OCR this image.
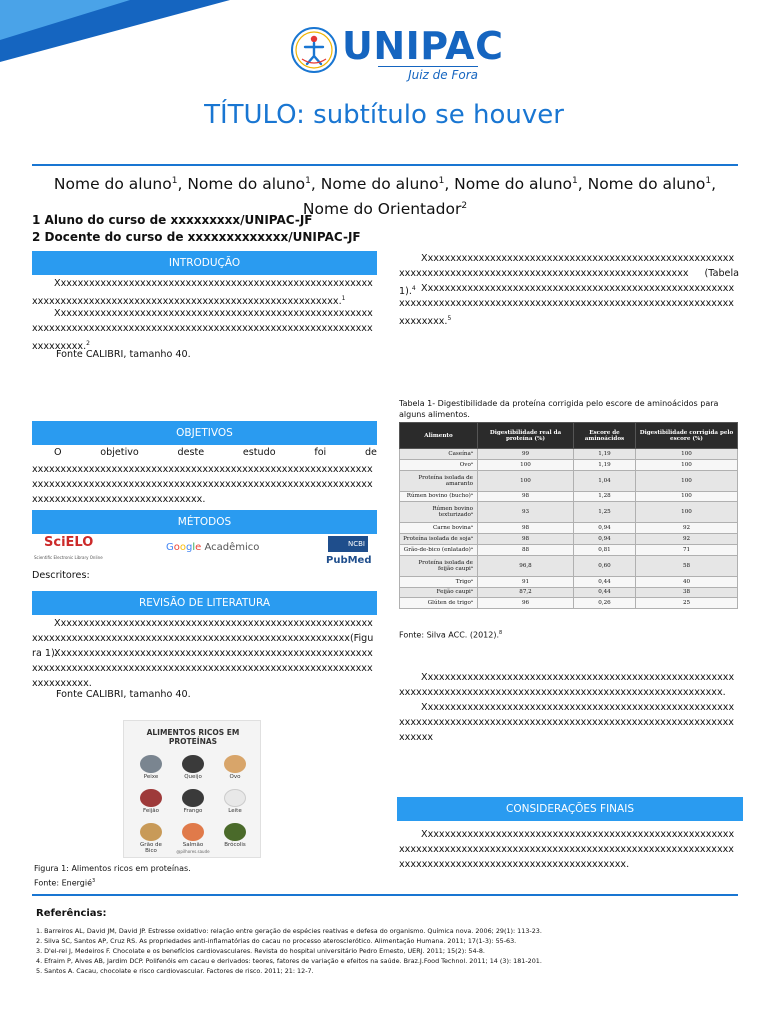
UNIPAC
Juiz de Fora
TÍTULO: subtítulo se houver
Nome do aluno$^1$, Nome do aluno$^1$, Nome do aluno$^1$, Nome do aluno$^1$, Nome do aluno$^1$, Nome do Orientador$^2$
1 Aluno do curso de xxxxxxxxx/UNIPAC-JF
2 Docente do curso de xxxxxxxxxxxxx/UNIPAC-JF
INTRODUÇÃO
Xxxxxxxxxxxxxxxxxxxxxxxxxxxxxxxxxxxxxxxxxxxxxxxxxxxxxxxxxxxxxxxxxxxxxxxxxxxxxxxxxxxxxxxxxxxxxxxxxxxxxxxxxxxxxx.$^1$
Xxxxxxxxxxxxxxxxxxxxxxxxxxxxxxxxxxxxxxxxxxxxxxxxxxxxxxxxxxxxxxxxxxxxxxxxxxxxxxxxxxxxxxxxxxxxxxxxxxxxxxxxxxxxxxxxxxxxxxxxxxxxx.$^2$
Fonte CALIBRI, tamanho 40.
OBJETIVOS
O	objetivo	deste	estudo	foi	de
xxxxxxxxxxxxxxxxxxxxxxxxxxxxxxxxxxxxxxxxxxxxxxxxxxxxxxxxxxxxxxxxxxxxxxxxxxxxxxxxxxxxxxxxxxxxxxxxxxxxxxxxxxxxxxxxxxxxxxxxxxxxxxxxxxxxxxxxxxxxxxxxxxxxxx.
MÉTODOS
SciELO
Scientific Electronic Library Online
Google Acadêmico	NCBI
PubMed
Descritores:
REVISÃO DE LITERATURA
Xxxxxxxxxxxxxxxxxxxxxxxxxxxxxxxxxxxxxxxxxxxxxxxxxxxxxxxxxxxxxxxxxxxxxxxxxxxxxxxxxxxxxxxxxxxxxxxxxxxxxxxxxxxxxxxx(Figura 1).
Xxxxxxxxxxxxxxxxxxxxxxxxxxxxxxxxxxxxxxxxxxxxxxxxxxxxxxxxxxxxxxxxxxxxxxxxxxxxxxxxxxxxxxxxxxxxxxxxxxxxxxxxxxxxxxxxxxxxxxxxxxxxxx.
Fonte CALIBRI, tamanho 40.
ALIMENTOS RICOS EM
PROTEÍNAS
Peixe	Queijo	Ovo
Feijão	Frango	Leite
Grão de Bico
Salmão	Brócolis
@pilhores.saude
Figura 1: Alimentos ricos em proteínas.
Fonte: Energié$^3$
Xxxxxxxxxxxxxxxxxxxxxxxxxxxxxxxxxxxxxxxxxxxxxxxxxxxxxxxxxxxxxxxxxxxxxxxxxxxxxxxxxxxxxxxxxxxxxxxxxxxxxxxxxx (Tabela 1).$^4$ Xxxxxxxxxxxxxxxxxxxxxxxxxxxxxxxxxxxxxxxxxxxxxxxxxxxxxxxxxxxxxxxxxxxxxxxxxxxxxxxxxxxxxxxxxxxxxxxxxxxxxxxxxxxxxxxxxxxxxxxxxx.$^5$
Tabela 1- Digestibilidade da proteína corrigida pelo escore de aminoácidos para alguns alimentos.
Alimento	Digestibilidade real da proteína (%)	Escore de aminoácidos	Digestibilidade corrigida pelo escore (%)
Caseínaᵃ	99	1,19	100
Ovoᵃ	100	1,19	100
Proteína isolada de amaranto	100	1,04	100
Rúmen bovino (bucho)ᵃ	98	1,28	100
Rúmen bovino texturizadoᵃ	93	1,25	100
Carne bovinaᵃ	98	0,94	92
Proteína isolada de sojaᵃ	98	0,94	92
Grão-de-bico (enlatado)ᵃ	88	0,81	71
Proteína isolada de feijão caupiᵃ	96,8	0,60	58
Trigoᵃ	91	0,44	40
Feijão caupiᵃ	87,2	0,44	38
Glúten de trigoᵃ	96	0,26	25
Fonte: Silva ACC. (2012).$^8$
Xxxxxxxxxxxxxxxxxxxxxxxxxxxxxxxxxxxxxxxxxxxxxxxxxxxxxxxxxxxxxxxxxxxxxxxxxxxxxxxxxxxxxxxxxxxxxxxxxxxxxxxxxxxxxxxx.
Xxxxxxxxxxxxxxxxxxxxxxxxxxxxxxxxxxxxxxxxxxxxxxxxxxxxxxxxxxxxxxxxxxxxxxxxxxxxxxxxxxxxxxxxxxxxxxxxxxxxxxxxxxxxxxxxxxxxxxxx
CONSIDERAÇÕES FINAIS
Xxxxxxxxxxxxxxxxxxxxxxxxxxxxxxxxxxxxxxxxxxxxxxxxxxxxxxxxxxxxxxxxxxxxxxxxxxxxxxxxxxxxxxxxxxxxxxxxxxxxxxxxxxxxxxxxxxxxxxxxxxxxxxxxxxxxxxxxxxxxxxxxxxxxxxxxxx.
Referências:
1. Barreiros AL, David JM, David JP. Estresse oxidativo: relação entre geração de espécies reativas e defesa do organismo. Química nova. 2006; 29(1): 113-23.
2. Silva SC, Santos AP, Cruz RS. As propriedades anti-inflamatórias do cacau no processo aterosclerótico. Alimentação Humana. 2011; 17(1-3): 55-63.
3. D'el-rei J, Medeiros F. Chocolate e os benefícios cardiovasculares. Revista do hospital universitário Pedro Ernesto, UERJ. 2011; 15(2): 54-8.
4. Efraim P, Alves AB, Jardim DCP. Polifenóis em cacau e derivados: teores, fatores de variação e efeitos na saúde. Braz.J.Food Technol. 2011; 14 (3): 181-201.
5. Santos A. Cacau, chocolate e risco cardiovascular. Factores de risco. 2011; 21: 12-7.
